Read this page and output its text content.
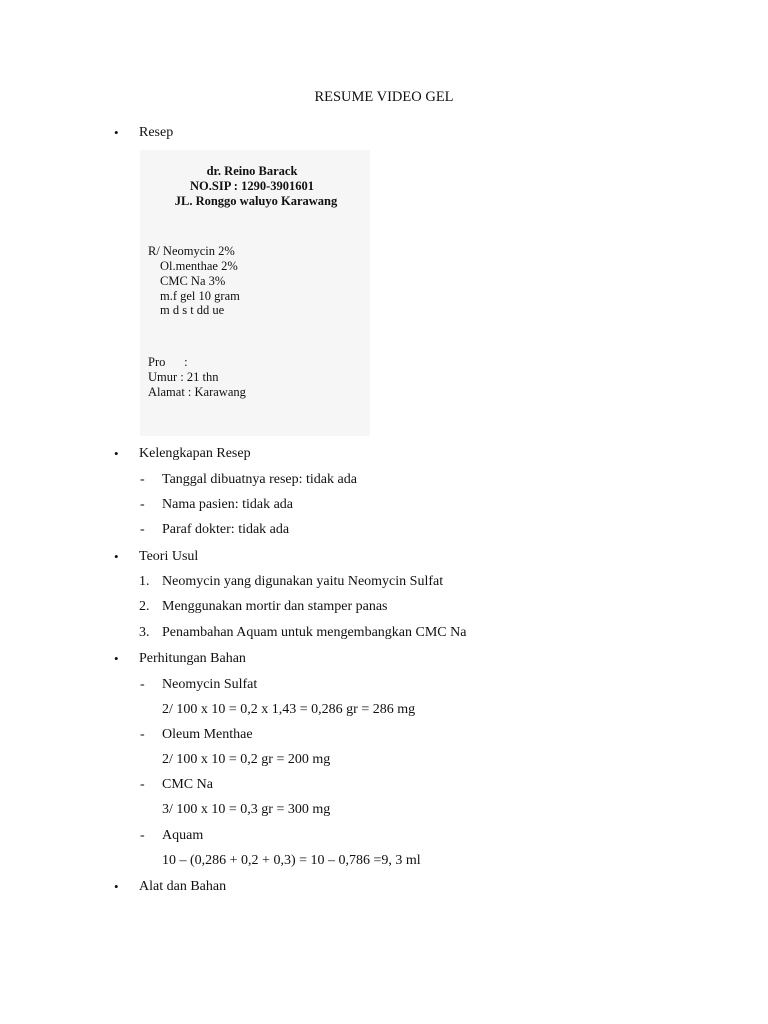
RESUME VIDEO GEL
• Resep
dr. Reino Barack
NO.SIP : 1290-3901601
JL. Ronggo waluyo Karawang
R/ Neomycin 2%
Ol.menthae 2%
CMC Na 3%
m.f gel 10 gram
m d s t dd ue
Pro      :
Umur : 21 thn
Alamat : Karawang
• Kelengkapan Resep
- Tanggal dibuatnya resep: tidak ada
- Nama pasien: tidak ada
- Paraf dokter: tidak ada
• Teori Usul
1. Neomycin yang digunakan yaitu Neomycin Sulfat
2. Menggunakan mortir dan stamper panas
3. Penambahan Aquam untuk mengembangkan CMC Na
• Perhitungan Bahan
- Neomycin Sulfat
2/ 100 x 10 = 0,2 x 1,43 = 0,286 gr = 286 mg
- Oleum Menthae
2/ 100 x 10 = 0,2 gr = 200 mg
- CMC Na
3/ 100 x 10 = 0,3 gr = 300 mg
- Aquam
10 – (0,286 + 0,2 + 0,3) = 10 – 0,786 =9, 3 ml
• Alat dan Bahan
